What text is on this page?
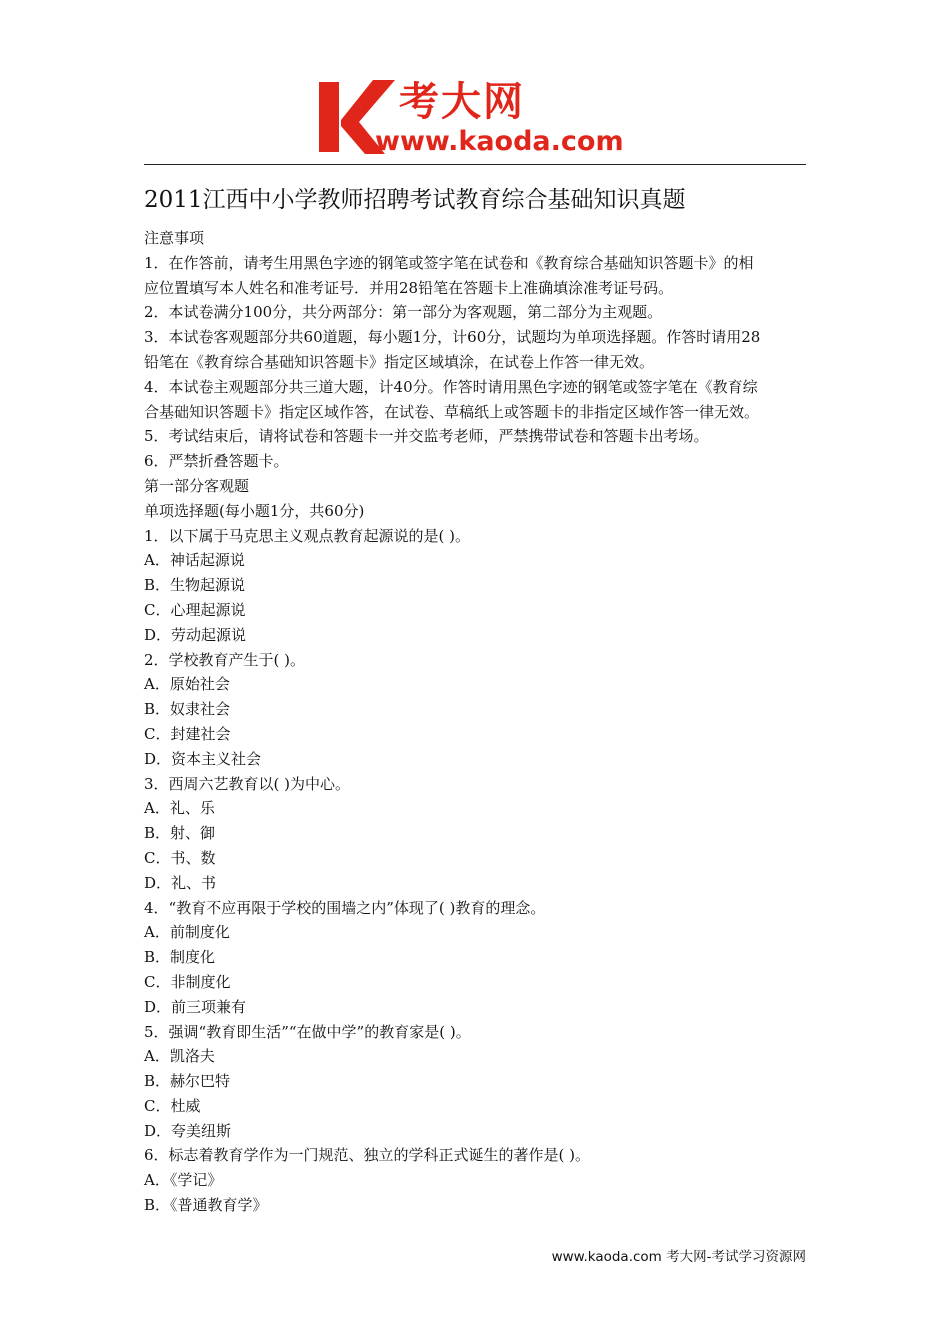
考大网
www.kaoda.com
2011江西中小学教师招聘考试教育综合基础知识真题
注意事项
1．在作答前，请考生用黑色字迹的钢笔或签字笔在试卷和《教育综合基础知识答题卡》的相
应位置填写本人姓名和准考证号．并用28铅笔在答题卡上准确填涂准考证号码。
2．本试卷满分100分，共分两部分：第一部分为客观题，第二部分为主观题。
3．本试卷客观题部分共60道题，每小题1分，计60分，试题均为单项选择题。作答时请用28
铅笔在《教育综合基础知识答题卡》指定区域填涂，在试卷上作答一律无效。
4．本试卷主观题部分共三道大题，计40分。作答时请用黑色字迹的钢笔或签字笔在《教育综
合基础知识答题卡》指定区域作答，在试卷、草稿纸上或答题卡的非指定区域作答一律无效。
5．考试结束后，请将试卷和答题卡一并交监考老师，严禁携带试卷和答题卡出考场。
6．严禁折叠答题卡。
第一部分客观题
单项选择题(每小题1分，共60分)
1．以下属于马克思主义观点教育起源说的是( )。
A．神话起源说
B．生物起源说
C．心理起源说
D．劳动起源说
2．学校教育产生于( )。
A．原始社会
B．奴隶社会
C．封建社会
D．资本主义社会
3．西周六艺教育以( )为中心。
A．礼、乐
B．射、御
C．书、数
D．礼、书
4．“教育不应再限于学校的围墙之内”体现了( )教育的理念。
A．前制度化
B．制度化
C．非制度化
D．前三项兼有
5．强调“教育即生活”“在做中学”的教育家是( )。
A．凯洛夫
B．赫尔巴特
C．杜威
D．夸美纽斯
6．标志着教育学作为一门规范、独立的学科正式诞生的著作是( )。
A．《学记》
B．《普通教育学》
www.kaoda.com 考大网-考试学习资源网
